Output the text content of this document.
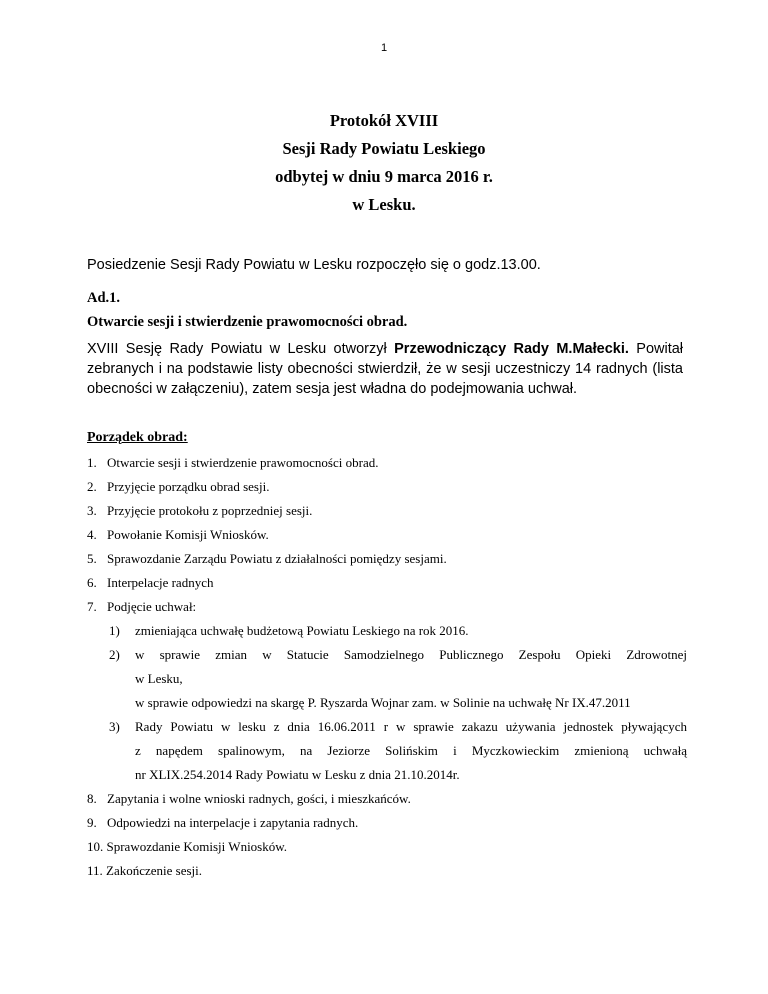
1
Protokół XVIII
Sesji Rady Powiatu Leskiego
odbytej w dniu 9 marca 2016 r.
w Lesku.
Posiedzenie Sesji Rady Powiatu w Lesku rozpoczęło się o godz.13.00.
Ad.1.
Otwarcie sesji i stwierdzenie prawomocności obrad.
XVIII Sesję Rady Powiatu w Lesku otworzył Przewodniczący Rady M.Małecki. Powitał
zebranych i na podstawie listy obecności stwierdził, że w sesji uczestniczy 14 radnych (lista
obecności w załączeniu), zatem sesja jest władna do podejmowania uchwał.
Porządek obrad:
1. Otwarcie sesji i stwierdzenie prawomocności obrad.
2. Przyjęcie porządku obrad sesji.
3. Przyjęcie protokołu z poprzedniej sesji.
4. Powołanie Komisji Wniosków.
5. Sprawozdanie Zarządu Powiatu z działalności pomiędzy sesjami.
6. Interpelacje radnych
7. Podjęcie uchwał:
1)	zmieniająca uchwałę budżetową Powiatu Leskiego na rok 2016.
2)	w sprawie zmian w Statucie Samodzielnego Publicznego Zespołu Opieki Zdrowotnej
w Lesku,
w sprawie odpowiedzi na skargę P. Ryszarda Wojnar zam. w Solinie na uchwałę Nr IX.47.2011
3)	Rady Powiatu w lesku z dnia 16.06.2011 r w sprawie zakazu używania jednostek pływających
z napędem spalinowym, na Jeziorze Solińskim i Myczkowieckim zmienioną uchwałą
nr XLIX.254.2014 Rady Powiatu w Lesku z dnia 21.10.2014r.
8. Zapytania i wolne wnioski radnych, gości, i mieszkańców.
9. Odpowiedzi na interpelacje i zapytania radnych.
10. Sprawozdanie Komisji Wniosków.
11. Zakończenie sesji.
